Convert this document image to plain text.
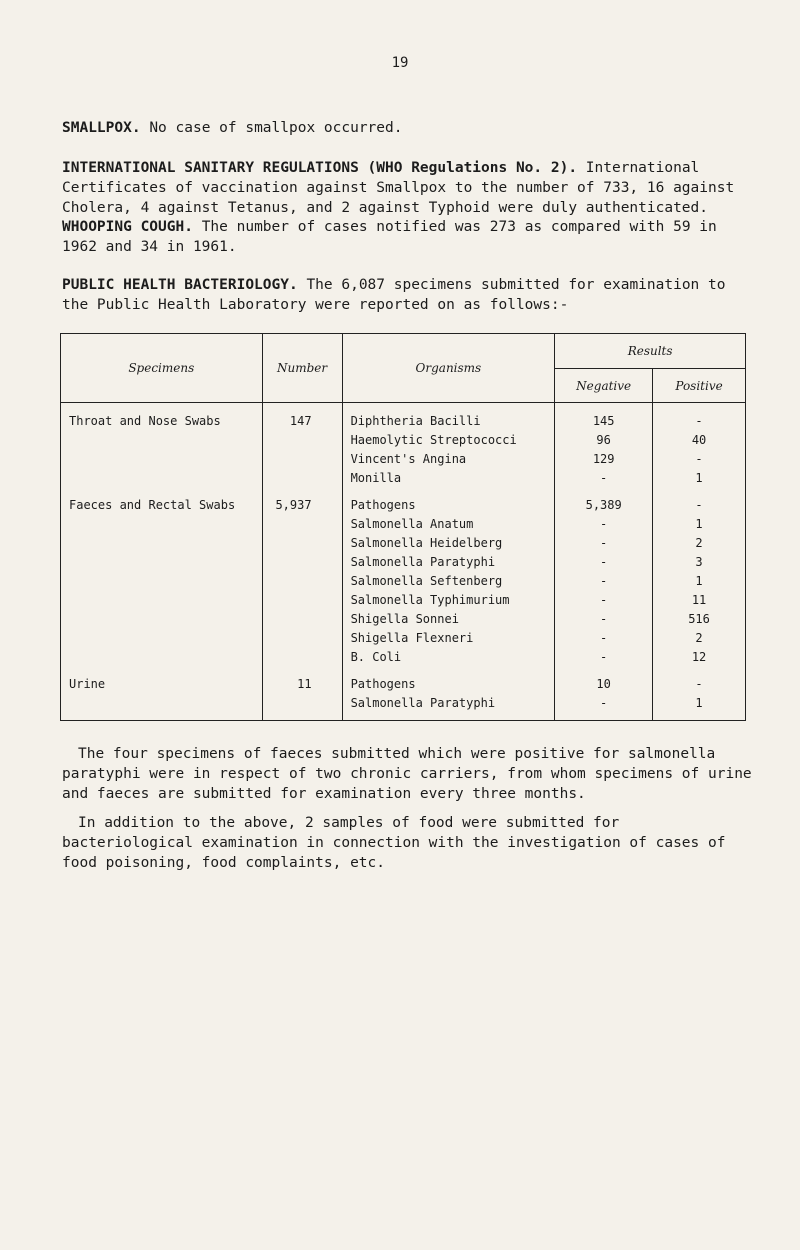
19
SMALLPOX. No case of smallpox occurred.
INTERNATIONAL SANITARY REGULATIONS (WHO Regulations No. 2). International Certificates of vaccination against Smallpox to the number of 733, 16 against Cholera, 4 against Tetanus, and 2 against Typhoid were duly authenticated.
WHOOPING COUGH. The number of cases notified was 273 as compared with 59 in 1962 and 34 in 1961.
PUBLIC HEALTH BACTERIOLOGY. The 6,087 specimens submitted for examination to the Public Health Laboratory were reported on as follows:-
Specimens	Number	Organisms	Results	
			Negative	Positive

Throat and Nose Swabs	147	Diphtheria Bacilli	145	-
		Haemolytic Streptococci	96	40
		Vincent's Angina	129	-
		Monilla	-	1

Faeces and Rectal Swabs	5,937	Pathogens	5,389	-
		Salmonella Anatum	-	1
		Salmonella Heidelberg	-	2
		Salmonella Paratyphi	-	3
		Salmonella Seftenberg	-	1
		Salmonella Typhimurium	-	11
		Shigella Sonnei	-	516
		Shigella Flexneri	-	2
		B. Coli	-	12

Urine	11	Pathogens	10	-
		Salmonella Paratyphi	-	1

The four specimens of faeces submitted which were positive for salmonella paratyphi were in respect of two chronic carriers, from whom specimens of urine and faeces are submitted for examination every three months.
In addition to the above, 2 samples of food were submitted for bacteriological examination in connection with the investigation of cases of food poisoning, food complaints, etc.
